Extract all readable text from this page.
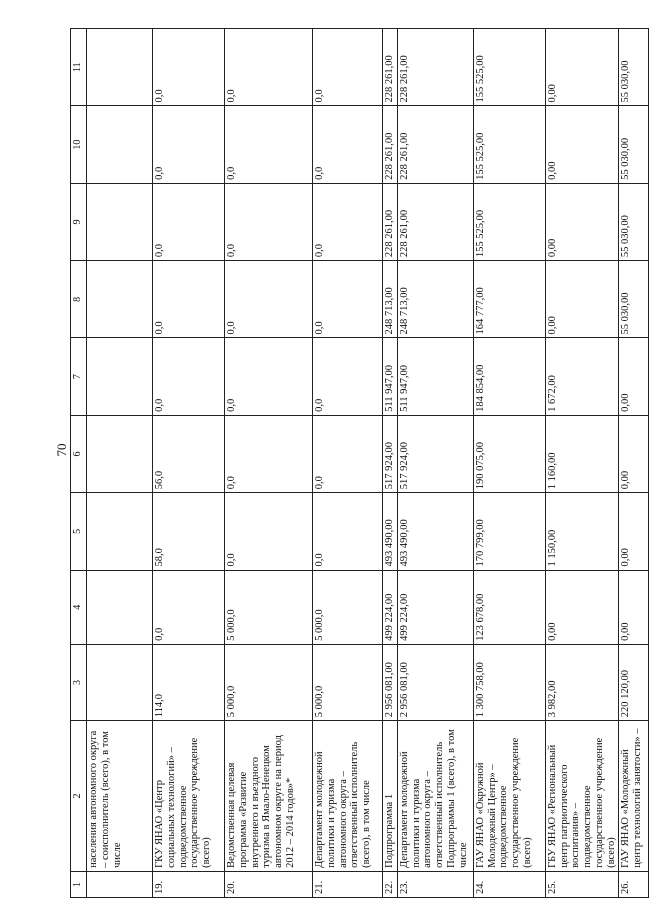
70
1	2	3	4	5	6	7	8	9	10	11
	населения автономного округа – соисполнитель (всего), в том числе									
19.	ГКУ ЯНАО «Центр социальных технологий» – подведомственное государственное учреждение (всего)	114,0	0,0	58,0	56,0	0,0	0,0	0,0	0,0	0,0
20.	Ведомственная целевая программа «Развитие внутреннего и въездного туризма в Ямало-Ненецком автономном округе на период 2012 – 2014 годов»*	5 000,0	5 000,0	0,0	0,0	0,0	0,0	0,0	0,0	0,0
21.	Департамент молодежной политики и туризма автономного округа – ответственный исполнитель (всего), в том числе	5 000,0	5 000,0	0,0	0,0	0,0	0,0	0,0	0,0	0,0
22.	Подпрограмма 1	2 956 081,00	499 224,00	493 490,00	517 924,00	511 947,00	248 713,00	228 261,00	228 261,00	228 261,00
23.	Департамент молодежной политики и туризма автономного округа – ответственный исполнитель Подпрограммы 1 (всего), в том числе	2 956 081,00	499 224,00	493 490,00	517 924,00	511 947,00	248 713,00	228 261,00	228 261,00	228 261,00
24.	ГАУ ЯНАО «Окружной Молодежный Центр» – подведомственное государственное учреждение (всего)	1 300 758,00	123 678,00	170 799,00	190 075,00	184 854,00	164 777,00	155 525,00	155 525,00	155 525,00
25.	ГБУ ЯНАО «Региональный центр патриотического воспитания» – подведомственное государственное учреждение (всего)	3 982,00	0,00	1 150,00	1 160,00	1 672,00	0,00	0,00	0,00	0,00
26.	ГАУ ЯНАО «Молодежный центр технологий занятости» –	220 120,00	0,00	0,00	0,00	0,00	55 030,00	55 030,00	55 030,00	55 030,00
